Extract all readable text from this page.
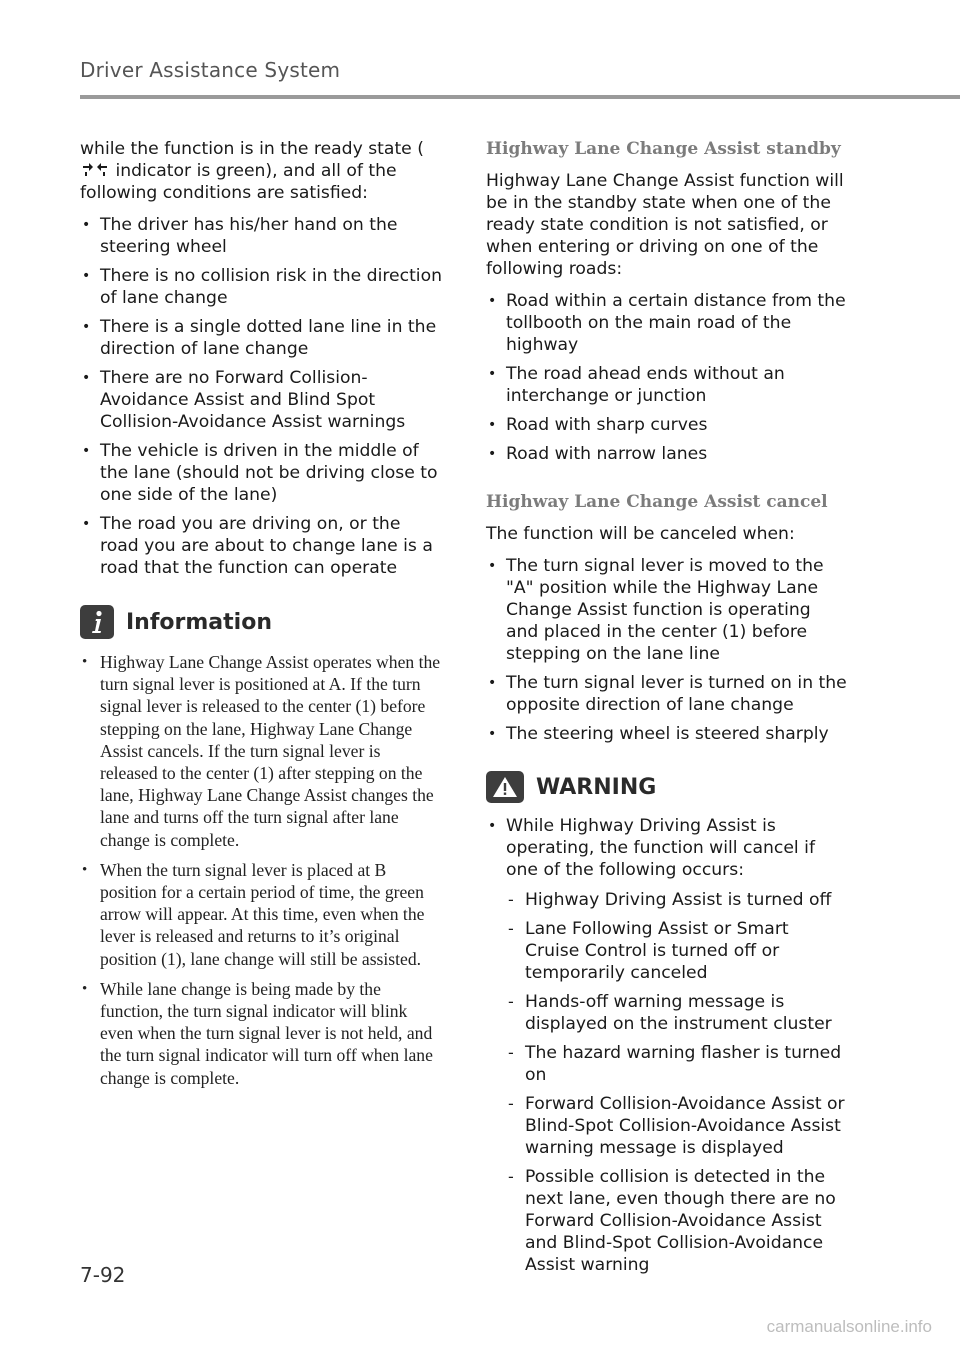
Driver Assistance System

while the function is in the ready state ( indicator is green), and all of the following conditions are satisfied:

• The driver has his/her hand on the steering wheel
• There is no collision risk in the direction of lane change
• There is a single dotted lane line in the direction of lane change
• There are no Forward Collision-Avoidance Assist and Blind Spot Collision-Avoidance Assist warnings
• The vehicle is driven in the middle of the lane (should not be driving close to one side of the lane)
• The road you are driving on, or the road you are about to change lane is a road that the function can operate
Information
• Highway Lane Change Assist operates when the turn signal lever is positioned at A. If the turn signal lever is released to the center (1) before stepping on the lane, Highway Lane Change Assist cancels. If the turn signal lever is released to the center (1) after stepping on the lane, Highway Lane Change Assist changes the lane and turns off the turn signal after lane change is complete.
• When the turn signal lever is placed at B position for a certain period of time, the green arrow will appear. At this time, even when the lever is released and returns to it’s original position (1), lane change will still be assisted.
• While lane change is being made by the function, the turn signal indicator will blink even when the turn signal lever is not held, and the turn signal indicator will turn off when lane change is complete.
Highway Lane Change Assist standby

Highway Lane Change Assist function will be in the standby state when one of the ready state condition is not satisfied, or when entering or driving on one of the following roads:

• Road within a certain distance from the tollbooth on the main road of the highway
• The road ahead ends without an interchange or junction
• Road with sharp curves
• Road with narrow lanes
Highway Lane Change Assist cancel

The function will be canceled when:

• The turn signal lever is moved to the "A" position while the Highway Lane Change Assist function is operating and placed in the center (1) before stepping on the lane line
• The turn signal lever is turned on in the opposite direction of lane change
• The steering wheel is steered sharply
WARNING
• While Highway Driving Assist is operating, the function will cancel if one of the following occurs:
- Highway Driving Assist is turned off
- Lane Following Assist or Smart Cruise Control is turned off or temporarily canceled
- Hands-off warning message is displayed on the instrument cluster
- The hazard warning flasher is turned on
- Forward Collision-Avoidance Assist or Blind-Spot Collision-Avoidance Assist warning message is displayed
- Possible collision is detected in the next lane, even though there are no Forward Collision-Avoidance Assist and Blind-Spot Collision-Avoidance Assist warning
7-92
carmanualsonline.info
